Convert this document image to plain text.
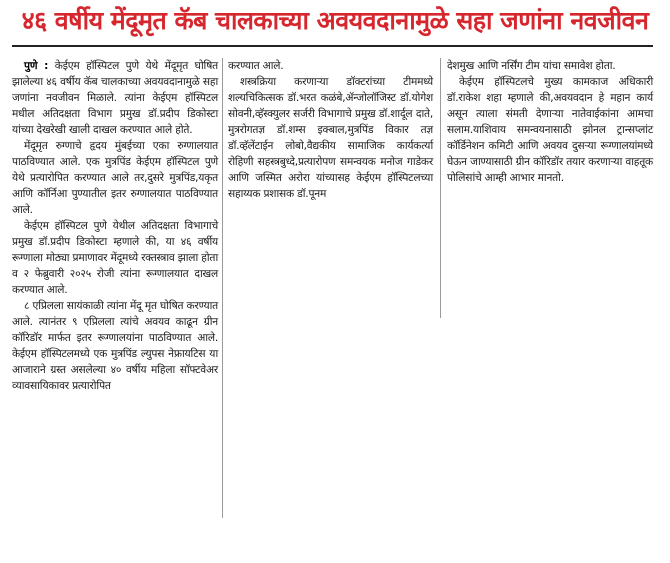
४६ वर्षीय मेंदूमृत कॅब चालकाच्या अवयवदानामुळे सहा जणांना नवजीवन

पुणे : केईएम हॉस्पिटल पुणे येथे मेंदूमृत घोषित झालेल्या ४६ वर्षीय कॅब चालकाच्या अवयवदानामुळे सहा जणांना नवजीवन मिळाले. त्यांना केईएम हॉस्पिटल मधील अतिदक्षता विभाग प्रमुख डॉ.प्रदीप डिकोस्टा यांच्या देखरेखी खाली दाखल करण्यात आले होते.

मेंदूमृत रुग्णाचे हृदय मुंबईच्या एका रुग्णालयात पाठविण्यात आले. एक मुत्रपिंड केईएम हॉस्पिटल पुणे येथे प्रत्यारोपित करण्यात आले तर,दुसरे मुत्रपिंड,यकृत आणि कॉर्निआ पुण्यातील इतर रुग्णालयात पाठविण्यात आले.

केईएम हॉस्पिटल पुणे येथील अतिदक्षता विभागाचे प्रमुख डॉ.प्रदीप डिकोस्टा म्हणाले की, या ४६ वर्षीय रूग्णाला मोठ्या प्रमाणावर मेंदूमध्ये रक्तस्त्राव झाला होता व २ फेब्रुवारी २०२५ रोजी त्यांना रूग्णालयात दाखल करण्यात आले.

८ एप्रिलला सायंकाळी त्यांना मेंदू मृत घोषित करण्यात आले. त्यानंतर ९ एप्रिलला त्यांचे अवयव काढून ग्रीन कॉरिडॉर मार्फत इतर रूग्णालयांना पाठविण्यात आले. केईएम हॉस्पिटलमध्ये एक मुत्रपिंड ल्युपस नेफ्रायटिस या आजाराने ग्रस्त असलेल्या ४० वर्षीय महिला सॉफ्टवेअर व्यावसायिकावर प्रत्यारोपित

करण्यात आले.

शस्त्रक्रिया करणाऱ्या डॉक्टरांच्या टीममध्ये शल्यचिकित्सक डॉ.भरत कळंबे,ॲन्जोलॉजिस्ट डॉ.योगेश सोवनी,व्हॅस्क्युलर सर्जरी विभागाचे प्रमुख डॉ.शार्दूल दाते, मुत्ररोगतज्ञ डॉ.शम्स इक्बाल,मुत्रपिंड विकार तज्ञ डॉ.व्हॅलेंटाईन लोबो,वैद्यकीय सामाजिक कार्यकर्त्या रोहिणी सहस्त्रबुध्दे,प्रत्यारोपण समन्वयक मनोज गाडेकर आणि जस्मित अरोरा यांच्यासह केईएम हॉस्पिटलच्या सहाय्यक प्रशासक डॉ.पूनम

देशमुख आणि नर्सिंग टीम यांचा समावेश होता.

केईएम हॉस्पिटलचे मुख्य कामकाज अधिकारी डॉ.राकेश शहा म्हणाले की,अवयवदान हे महान कार्य असून त्याला संमती देणाऱ्या नातेवाईकांना आमचा सलाम.याशिवाय समन्वयनासाठी झोनल ट्रान्सप्लांट कॉर्डिनेशन कमिटी आणि अवयव दुसऱ्या रूग्णालयांमध्ये घेऊन जाण्यासाठी ग्रीन कॉरिडॉर तयार करणाऱ्या वाहतूक पोलिसांचे आम्ही आभार मानतो.
